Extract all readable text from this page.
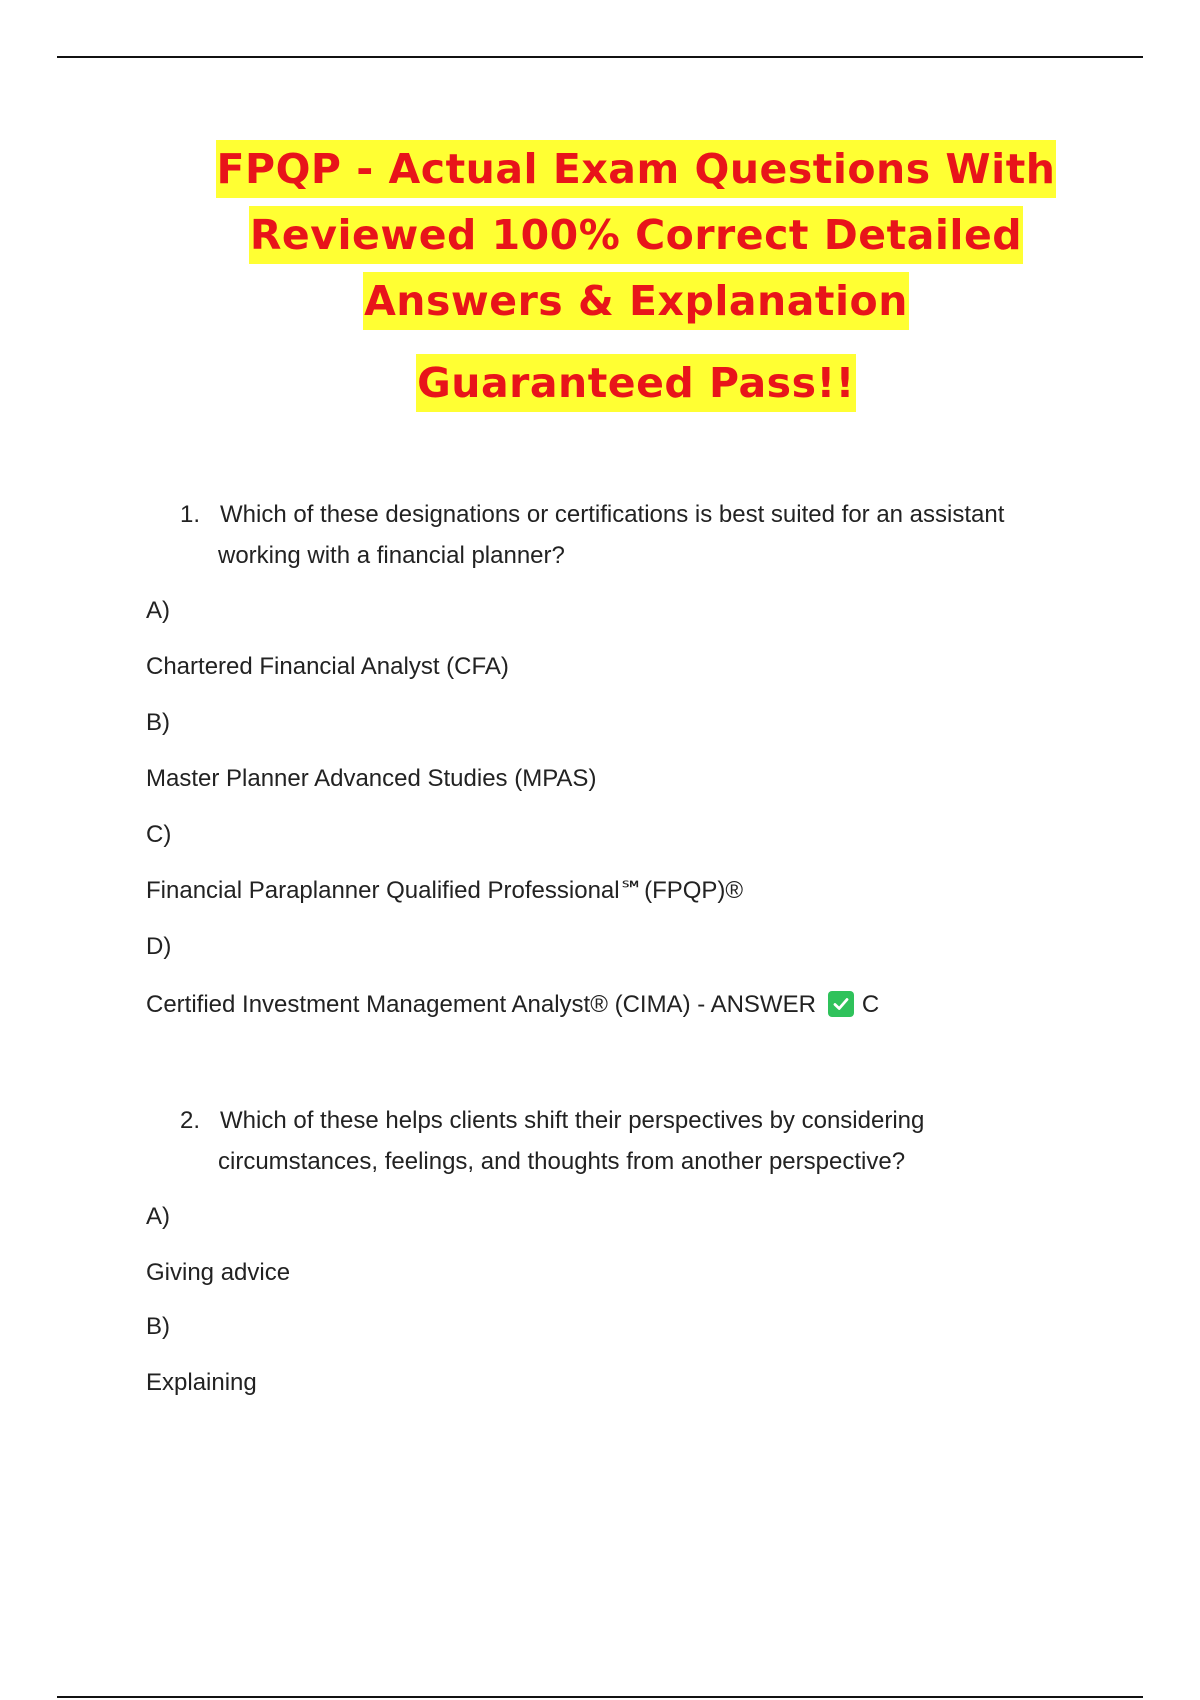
FPQP - Actual Exam Questions With
Reviewed 100% Correct Detailed
Answers & Explanation
Guaranteed Pass!!
1. Which of these designations or certifications is best suited for an assistant
working with a financial planner?
A)
Chartered Financial Analyst (CFA)
B)
Master Planner Advanced Studies (MPAS)
C)
Financial Paraplanner Qualified Professional℠(FPQP)®
D)
Certified Investment Management Analyst® (CIMA) - ANSWER C
2. Which of these helps clients shift their perspectives by considering
circumstances, feelings, and thoughts from another perspective?
A)
Giving advice
B)
Explaining
